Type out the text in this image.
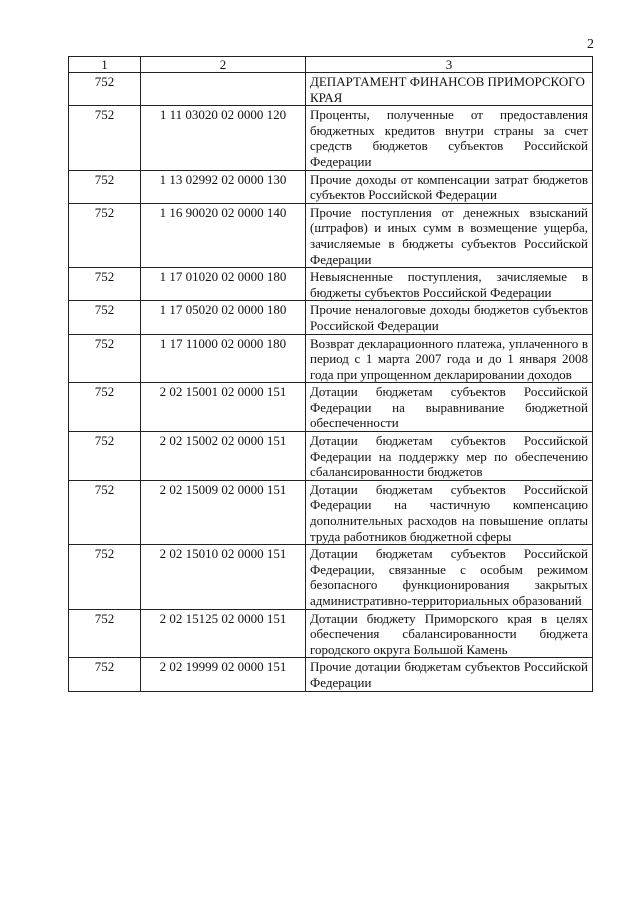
2
1	2	3
752		ДЕПАРТАМЕНТ ФИНАНСОВ ПРИМОРСКОГО КРАЯ
752	1 11 03020 02 0000 120	Проценты, полученные от предоставления бюджетных кредитов внутри страны за счет средств бюджетов субъектов Российской Федерации
752	1 13 02992 02 0000 130	Прочие доходы от компенсации затрат бюджетов субъектов Российской Федерации
752	1 16 90020 02 0000 140	Прочие поступления от денежных взысканий (штрафов) и иных сумм в возмещение ущерба, зачисляемые в бюджеты субъектов Российской Федерации
752	1 17 01020 02 0000 180	Невыясненные поступления, зачисляемые в бюджеты субъектов Российской Федерации
752	1 17 05020 02 0000 180	Прочие неналоговые доходы бюджетов субъектов Российской Федерации
752	1 17 11000 02 0000 180	Возврат декларационного платежа, уплаченного в период с 1 марта 2007 года и до 1 января 2008 года при упрощенном декларировании доходов
752	2 02 15001 02 0000 151	Дотации бюджетам субъектов Российской Федерации на выравнивание бюджетной обеспеченности
752	2 02 15002 02 0000 151	Дотации бюджетам субъектов Российской Федерации на поддержку мер по обеспечению сбалансированности бюджетов
752	2 02 15009 02 0000 151	Дотации бюджетам субъектов Российской Федерации на частичную компенсацию дополнительных расходов на повышение оплаты труда работников бюджетной сферы
752	2 02 15010 02 0000 151	Дотации бюджетам субъектов Российской Федерации, связанные с особым режимом безопасного функционирования закрытых административно-территориальных образований
752	2 02 15125 02 0000 151	Дотации бюджету Приморского края в целях обеспечения сбалансированности бюджета городского округа Большой Камень
752	2 02 19999 02 0000 151	Прочие дотации бюджетам субъектов Российской Федерации
